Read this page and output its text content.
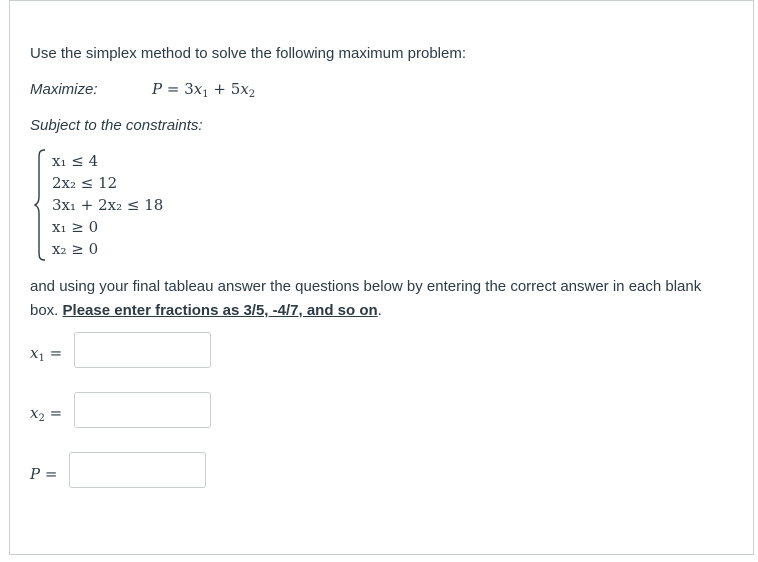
Use the simplex method to solve the following maximum problem:

Maximize:	$P = 3x_1 + 5x_2$

Subject to the constraints:

x₁ ≤ 4
2x₂ ≤ 12
3x₁ + 2x₂ ≤ 18
x₁ ≥ 0
x₂ ≥ 0

and using your final tableau answer the questions below by entering the correct answer in each blank box. Please enter fractions as 3/5, -4/7, and so on.

$x_1$ =
$x_2$ =
P =
